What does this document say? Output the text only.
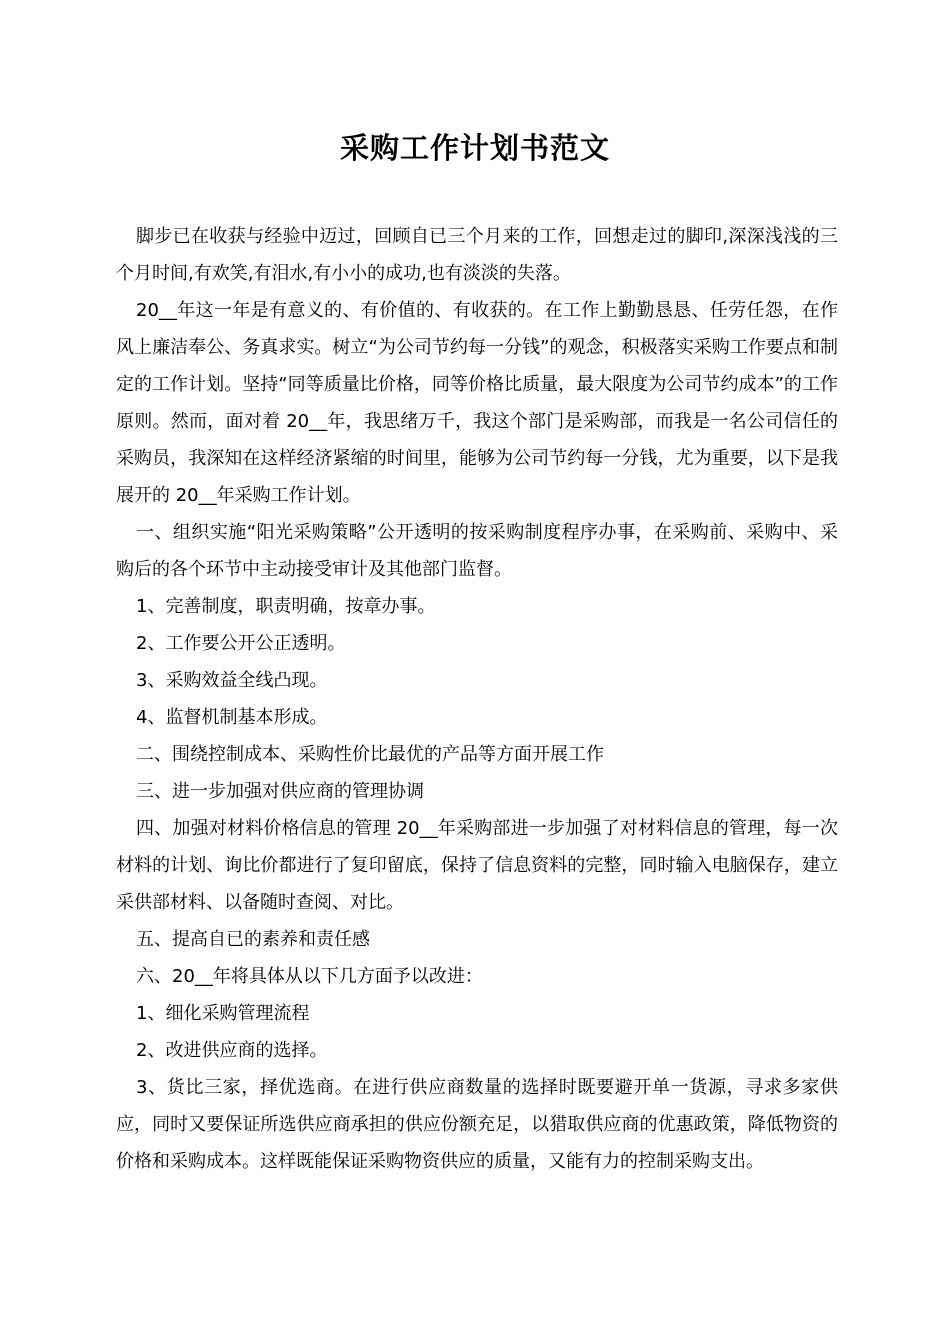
采购工作计划书范文

脚步已在收获与经验中迈过，回顾自已三个月来的工作，回想走过的脚印,深深浅浅的三个月时间,有欢笑,有泪水,有小小的成功,也有淡淡的失落。

20__年这一年是有意义的、有价值的、有收获的。在工作上勤勤恳恳、任劳任怨，在作风上廉洁奉公、务真求实。树立“为公司节约每一分钱”的观念，积极落实采购工作要点和制定的工作计划。坚持“同等质量比价格，同等价格比质量，最大限度为公司节约成本”的工作原则。然而，面对着 20__年，我思绪万千，我这个部门是采购部，而我是一名公司信任的采购员，我深知在这样经济紧缩的时间里，能够为公司节约每一分钱，尤为重要，以下是我展开的 20__年采购工作计划。

一、组织实施“阳光采购策略”公开透明的按采购制度程序办事，在采购前、采购中、采购后的各个环节中主动接受审计及其他部门监督。

1、完善制度，职责明确，按章办事。

2、工作要公开公正透明。

3、采购效益全线凸现。

4、监督机制基本形成。

二、围绕控制成本、采购性价比最优的产品等方面开展工作

三、进一步加强对供应商的管理协调

四、加强对材料价格信息的管理 20__年采购部进一步加强了对材料信息的管理，每一次材料的计划、询比价都进行了复印留底，保持了信息资料的完整，同时输入电脑保存，建立采供部材料、以备随时查阅、对比。

五、提高自已的素养和责任感

六、20__年将具体从以下几方面予以改进：

1、细化采购管理流程

2、改进供应商的选择。

3、货比三家，择优选商。在进行供应商数量的选择时既要避开单一货源，寻求多家供应，同时又要保证所选供应商承担的供应份额充足，以猎取供应商的优惠政策，降低物资的价格和采购成本。这样既能保证采购物资供应的质量，又能有力的控制采购支出。
